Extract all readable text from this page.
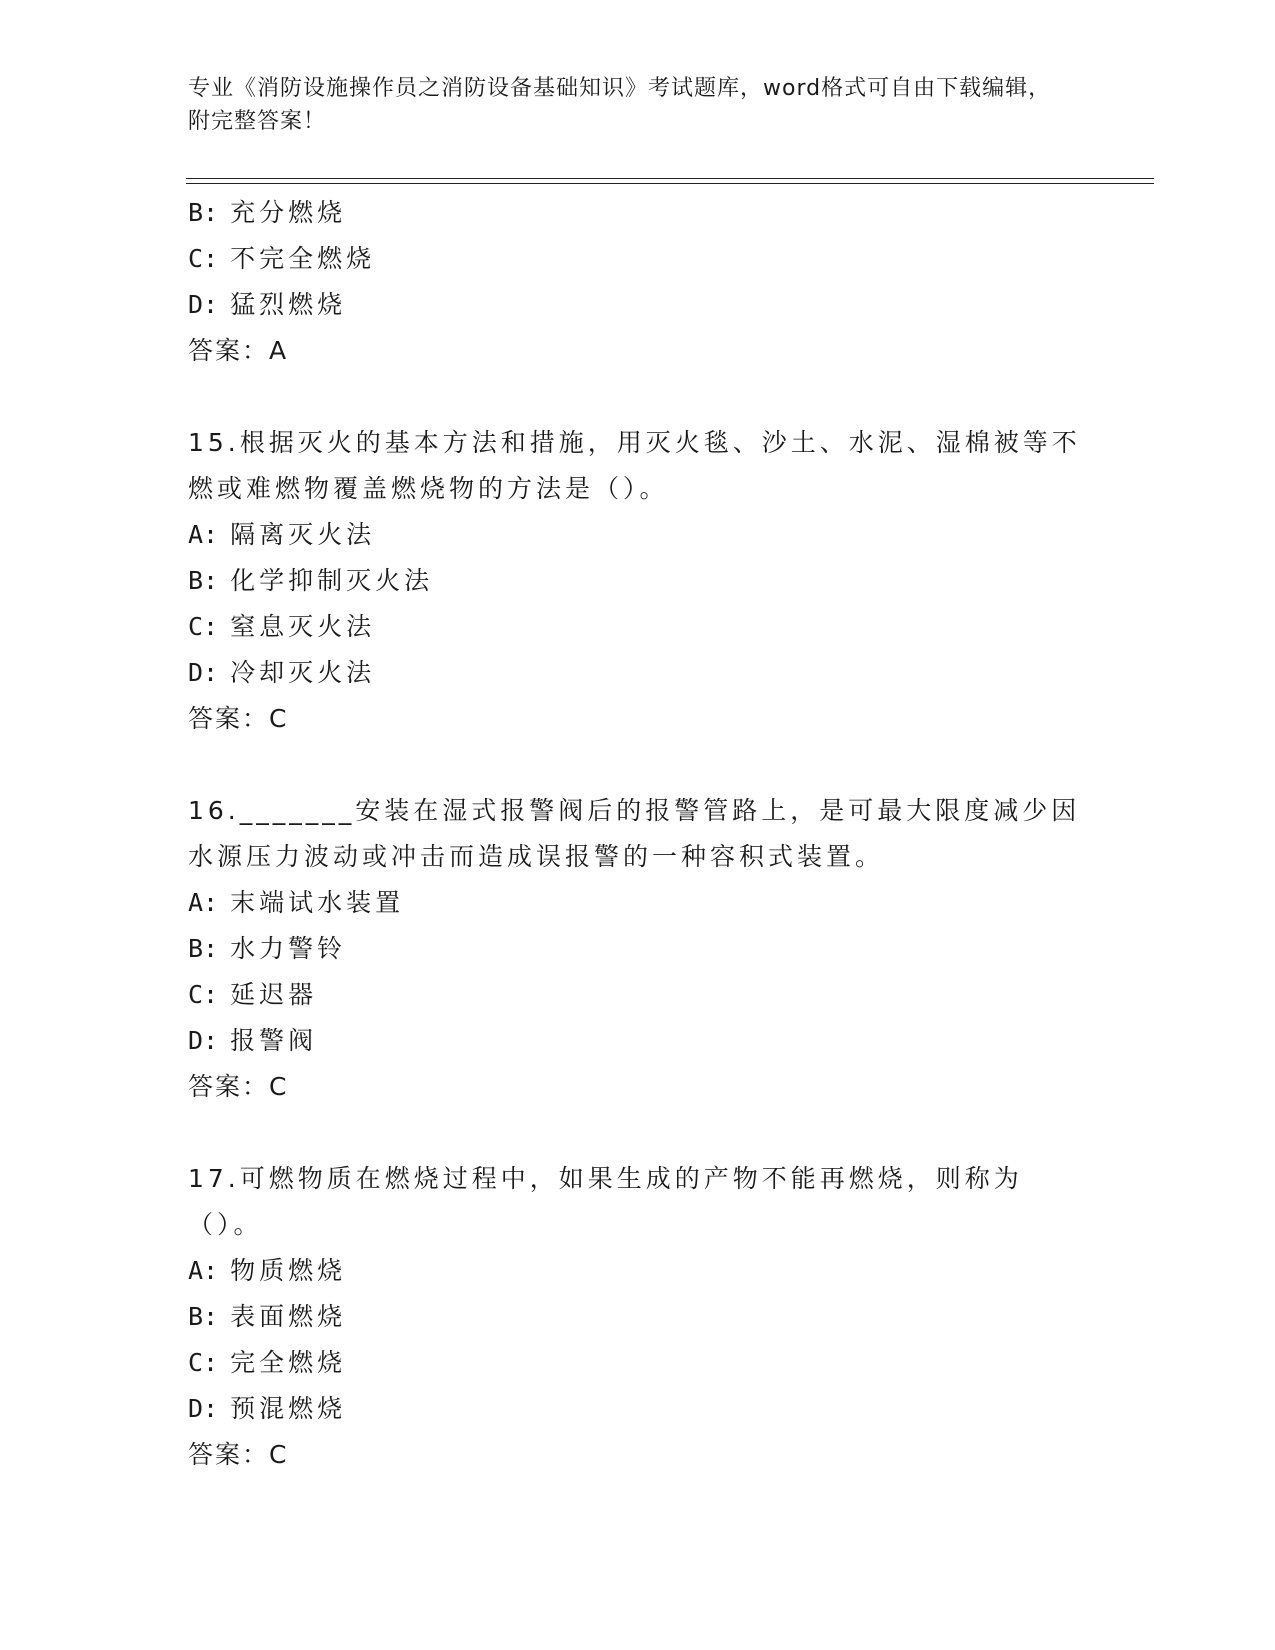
专业《消防设施操作员之消防设备基础知识》考试题库，word格式可自由下载编辑，附完整答案！
B: 充分燃烧
C: 不完全燃烧
D: 猛烈燃烧
答案：A
15.根据灭火的基本方法和措施，用灭火毯、沙土、水泥、湿棉被等不燃或难燃物覆盖燃烧物的方法是（）。
A: 隔离灭火法
B: 化学抑制灭火法
C: 窒息灭火法
D: 冷却灭火法
答案：C
16._______安装在湿式报警阀后的报警管路上，是可最大限度减少因水源压力波动或冲击而造成误报警的一种容积式装置。
A: 末端试水装置
B: 水力警铃
C: 延迟器
D: 报警阀
答案：C
17.可燃物质在燃烧过程中，如果生成的产物不能再燃烧，则称为（）。
A: 物质燃烧
B: 表面燃烧
C: 完全燃烧
D: 预混燃烧
答案：C
